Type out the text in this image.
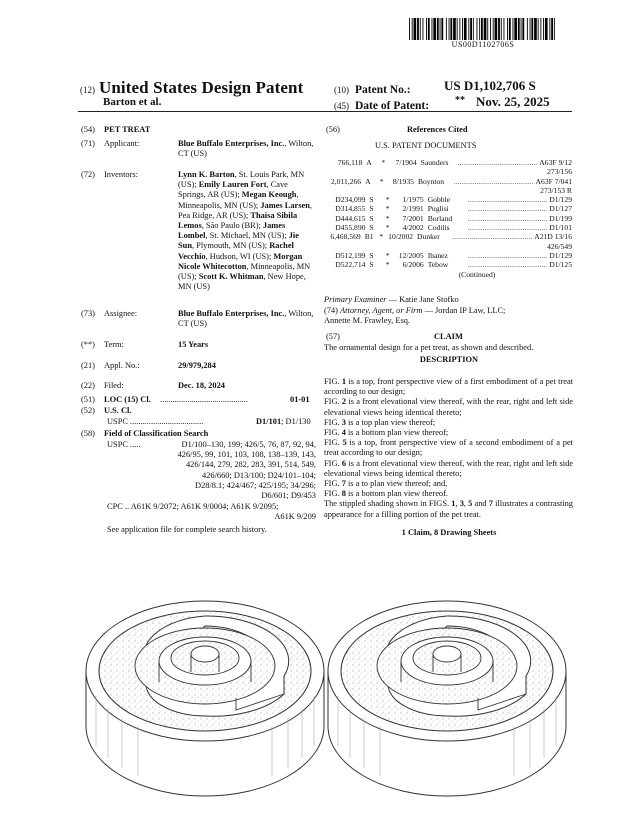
US00D1102706S
(12) United States Design Patent
Barton et al.
(10) Patent No.:	US D1,102,706 S
(45) Date of Patent:	** Nov. 25, 2025
(54) PET TREAT
(71) Applicant:	Blue Buffalo Enterprises, Inc., Wilton,
CT (US)
(72) Inventors:	Lynn K. Barton, St. Louis Park, MN
(US); Emily Lauren Fort, Cave
Springs, AR (US); Megan Keough,
Minneapolis, MN (US); James Larsen,
Pea Ridge, AR (US); Thaisa Sibila
Lemos, São Paulo (BR); James
Lombel, St. Michael, MN (US); Jie
Sun, Plymouth, MN (US); Rachel
Vecchio, Hudson, WI (US); Morgan
Nicole Whitecotton, Minneapolis, MN
(US); Scott K. Whitman, New Hope,
MN (US)
(73) Assignee:	Blue Buffalo Enterprises, Inc., Wilton,
CT (US)
(**) Term:	15 Years
(21) Appl. No.:	29/979,284
(22) Filed:	Dec. 18, 2024
(51) LOC (15) Cl. ..........................................	01-01
(52) U.S. Cl.
USPC ...................................	D1/101; D1/130
(58) Field of Classification Search
USPC .....	D1/100–130, 199; 426/5, 76, 87, 92, 94,
426/95, 99, 101, 103, 108, 138–139, 143,
426/144, 279, 282, 283, 391, 514, 549,
426/660; D13/100; D24/101–104;
D28/8.1; 424/467; 425/195; 34/296;
D6/601; D9/453
CPC .. A61K 9/2072; A61K 9/0004; A61K 9/2095;
A61K 9/209
See application file for complete search history.
(56)	References Cited
U.S. PATENT DOCUMENTS
766,118 A	*	7/1904 Saunders	.......................................... A63F 9/12
273/156
2,011,266 A	*	8/1935 Boynton	.......................................... A63F 7/041
273/153 R
D234,099 S	*	1/1975 Gobble	.......................................... D1/129
D314,855 S	*	2/1991 Puglisi	.......................................... D1/127
D444,615 S	*	7/2001 Borland	.......................................... D1/199
D455,890 S	*	4/2002 Codilis	.......................................... D1/101
6,468,569 B1 * 10/2002 Dunker	.......................................... A21D 13/16
426/549
D512,199 S	*	12/2005 Ibanez	.......................................... D1/129
D522,714 S	*	6/2006 Tebow	.......................................... D1/125
(Continued)
Primary Examiner — Katie Jane Stofko
(74) Attorney, Agent, or Firm — Jordan IP Law, LLC;
Annette M. Frawley, Esq.
(57)	CLAIM
The ornamental design for a pet treat, as shown and described.
DESCRIPTION
FIG. 1 is a top, front perspective view of a first embodiment of a pet treat according to our design;
FIG. 2 is a front elevational view thereof, with the rear, right and left side elevational views being identical thereto;
FIG. 3 is a top plan view thereof;
FIG. 4 is a bottom plan view thereof;
FIG. 5 is a top, front perspective view of a second embodiment of a pet treat according to our design;
FIG. 6 is a front elevational view thereof, with the rear, right and left side elevational views being identical thereto;
FIG. 7 is a to plan view thereof; and,
FIG. 8 is a bottom plan view thereof.
The stippled shading shown in FIGS. 1, 3, 5 and 7 illustrates a contrasting appearance for a filling portion of the pet treat.
1 Claim, 8 Drawing Sheets
